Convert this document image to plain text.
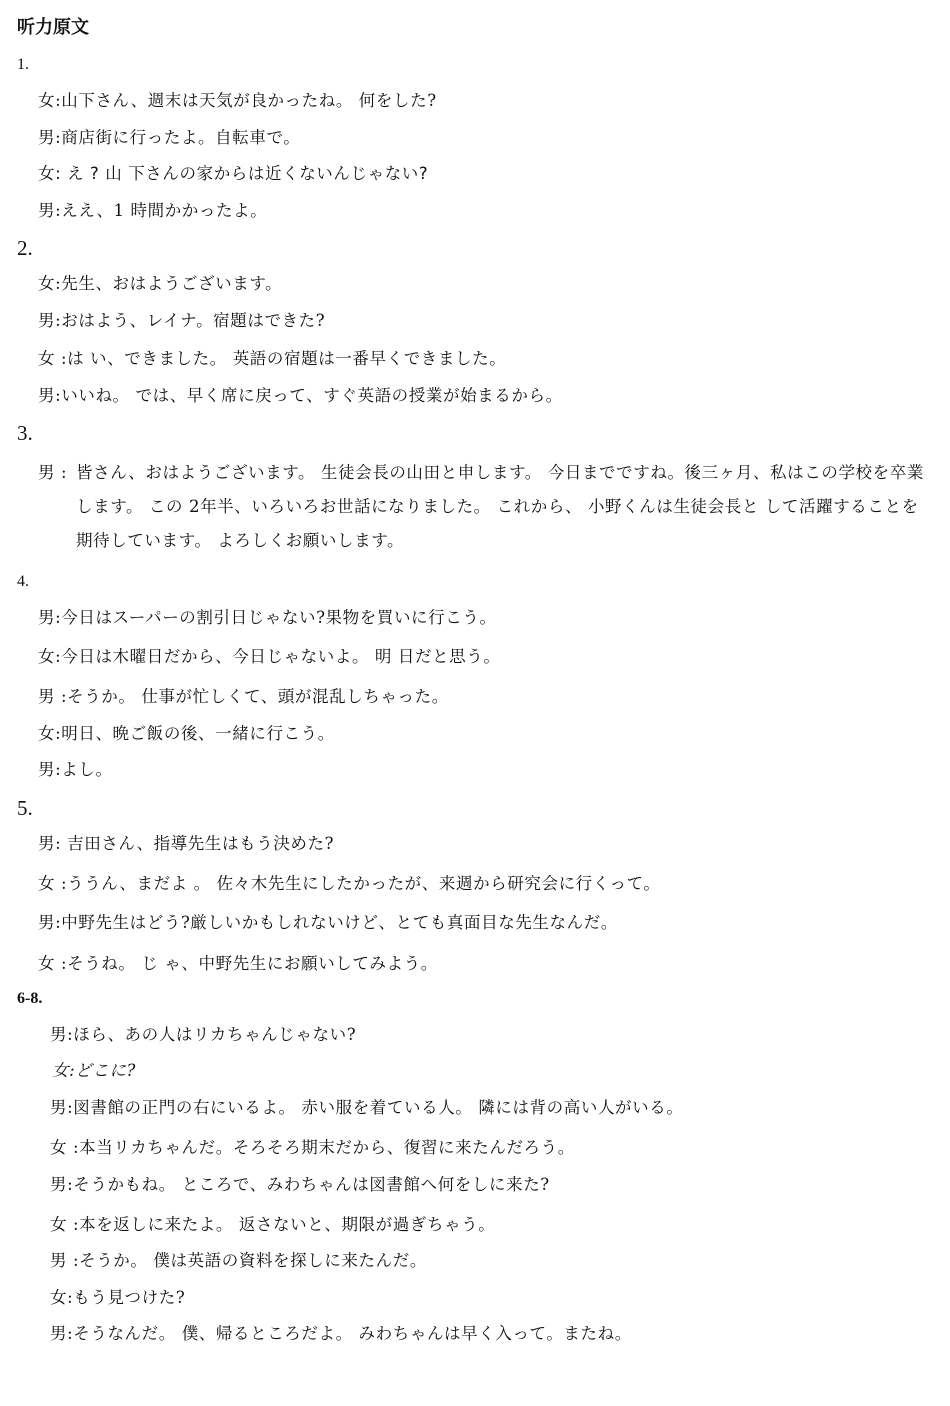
听力原文
1.
女:山下さん、週末は天気が良かったね。 何をした?
男:商店街に行ったよ。自転車で。
女: え ? 山 下さんの家からは近くないんじゃない?
男:ええ、1 時間かかったよ。
2.
女:先生、おはようございます。
男:おはよう、レイナ。宿題はできた?
女 :は い、できました。 英語の宿題は一番早くできました。
男:いいね。 では、早く席に戻って、すぐ英語の授業が始まるから。
3.
男 : 皆さん、おはようございます。 生徒会長の山田と申します。 今日までですね。後三ヶ月、私はこの学校を卒業します。 この 2年半、いろいろお世話になりました。 これから、 小野くんは生徒会長と して活躍することを期待しています。 よろしくお願いします。
4.
男:今日はスーパーの割引日じゃない?果物を買いに行こう。
女:今日は木曜日だから、今日じゃないよ。 明 日だと思う。
男 :そうか。 仕事が忙しくて、頭が混乱しちゃった。
女:明日、晩ご飯の後、一緒に行こう。
男:よし。
5.
男: 吉田さん、指導先生はもう決めた?
女 :ううん、まだよ 。 佐々木先生にしたかったが、来週から研究会に行くって。
男:中野先生はどう?厳しいかもしれないけど、とても真面目な先生なんだ。
女 :そうね。 じ ゃ、中野先生にお願いしてみよう。
6-8.
男:ほら、あの人はリカちゃんじゃない?
女:どこに?
男:図書館の正門の右にいるよ。 赤い服を着ている人。 隣には背の高い人がいる。
女 :本当リカちゃんだ。そろそろ期末だから、復習に来たんだろう。
男:そうかもね。 ところで、みわちゃんは図書館へ何をしに来た?
女 :本を返しに来たよ。 返さないと、期限が過ぎちゃう。
男 :そうか。 僕は英語の資料を探しに来たんだ。
女:もう見つけた?
男:そうなんだ。 僕、帰るところだよ。 みわちゃんは早く入って。またね。
